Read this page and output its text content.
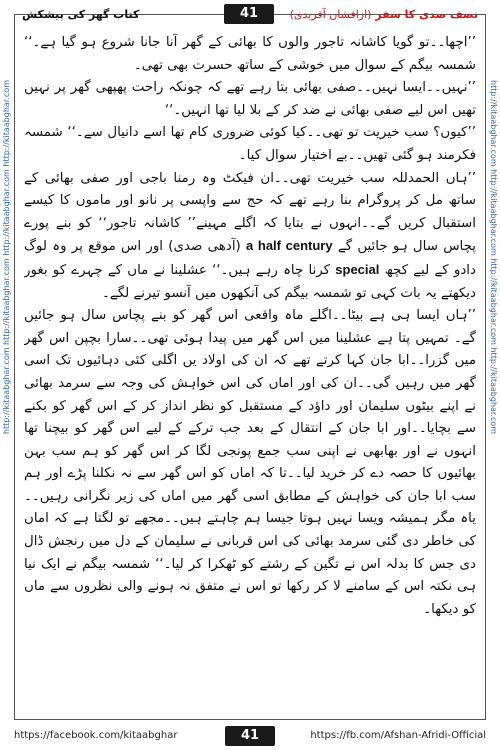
نصف صدی کا سفر (ازافشاں آفریدی)
41
کتاب گھر کی پیشکش
http://kitaabghar.com http://kitaabghar.com http://kitaabghar.com http://kitaabghar.com	http://kitaabghar.com http://kitaabghar.com http://kitaabghar.com http://kitaabghar.com

’’اچھا۔۔تو گویا کاشانہ تاجور والوں کا بھائی کے گھر آنا جانا شروع ہو گیا ہے۔‘‘ شمسہ بیگم کے سوال میں خوشی کے ساتھ حسرت بھی تھی۔

’’نہیں۔۔ایسا نہیں۔۔صفی بھائی بتا رہے تھے کہ چونکہ راحت پھپھی گھر پر نہیں تھیں اس لیے صفی بھائی نے ضد کر کے بلا لیا تھا انہیں۔‘‘

’’کیوں؟ سب خیریت تو تھی۔۔کیا کوئی ضروری کام تھا اسے دانیال سے۔‘‘ شمسہ فکرمند ہو گئی تھیں۔۔بے اختیار سوال کیا۔

’’ہاں الحمدللہ سب خیریت تھی۔۔ان فیکٹ وہ رمنا باجی اور صفی بھائی کے ساتھ مل کر پروگرام بنا رہے تھے کہ حج سے واپسی پر نانو اور ماموں کا کیسے استقبال کریں گے۔۔انہوں نے بتایا کہ اگلے مہینے’’ کاشانہ تاجور‘‘ کو بنے پورے پچاس سال ہو جائیں گے a half century (آدھی صدی) اور اس موقع پر وہ لوگ دادو کے لیے کچھ special کرنا چاہ رہے ہیں۔‘‘ عشلینا نے ماں کے چہرے کو بغور دیکھتے یہ بات کہی تو شمسہ بیگم کی آنکھوں میں آنسو تیرنے لگے۔

’’ہاں ایسا ہی ہے بیٹا۔۔اگلے ماہ واقعی اس گھر کو بنے پچاس سال ہو جائیں گے۔ تمہیں پتا ہے عشلینا میں اس گھر میں پیدا ہوئی تھی۔۔سارا بچپن اس گھر میں گزرا۔۔ابا جان کہا کرتے تھے کہ ان کی اولاد یں اگلی کئی دہائیوں تک اسی گھر میں رہیں گی۔۔ان کی اور اماں کی اس خواہش کی وجہ سے سرمد بھائی نے اپنے بیٹوں سلیمان اور داؤد کے مستقبل کو نظر انداز کر کے اس گھر کو بکنے سے بچایا۔۔اور ابا جان کے انتقال کے بعد جب ترکے کے لیے اس گھر کو بیچنا تھا انہوں نے اور بھابھی نے اپنی سب جمع پونجی لگا کر اس گھر کو ہم سب بہن بھائیوں کا حصہ دے کر خرید لیا۔۔تا کہ اماں کو اس گھر سے نہ نکلنا پڑے اور ہم سب ابا جان کی خواہش کے مطابق اسی گھر میں اماں کی زیر نگرانی رہیں۔۔یاہ مگر ہمیشہ ویسا نہیں ہوتا جیسا ہم چاہتے ہیں۔۔مجھے تو لگتا ہے کہ اماں کی خاطر دی گئی سرمد بھائی کی اس قربانی نے سلیمان کے دل میں رنجش ڈال دی جس کا بدلہ اس نے تگین کے رشتے کو ٹھکرا کر لیا۔‘‘ شمسہ بیگم نے ایک نیا ہی نکتہ اس کے سامنے لا کر رکھا تو اس نے متفق نہ ہونے والی نظروں سے ماں کو دیکھا۔

https://facebook.com/kitaabghar	41	https://fb.com/Afshan-Afridi-Official
